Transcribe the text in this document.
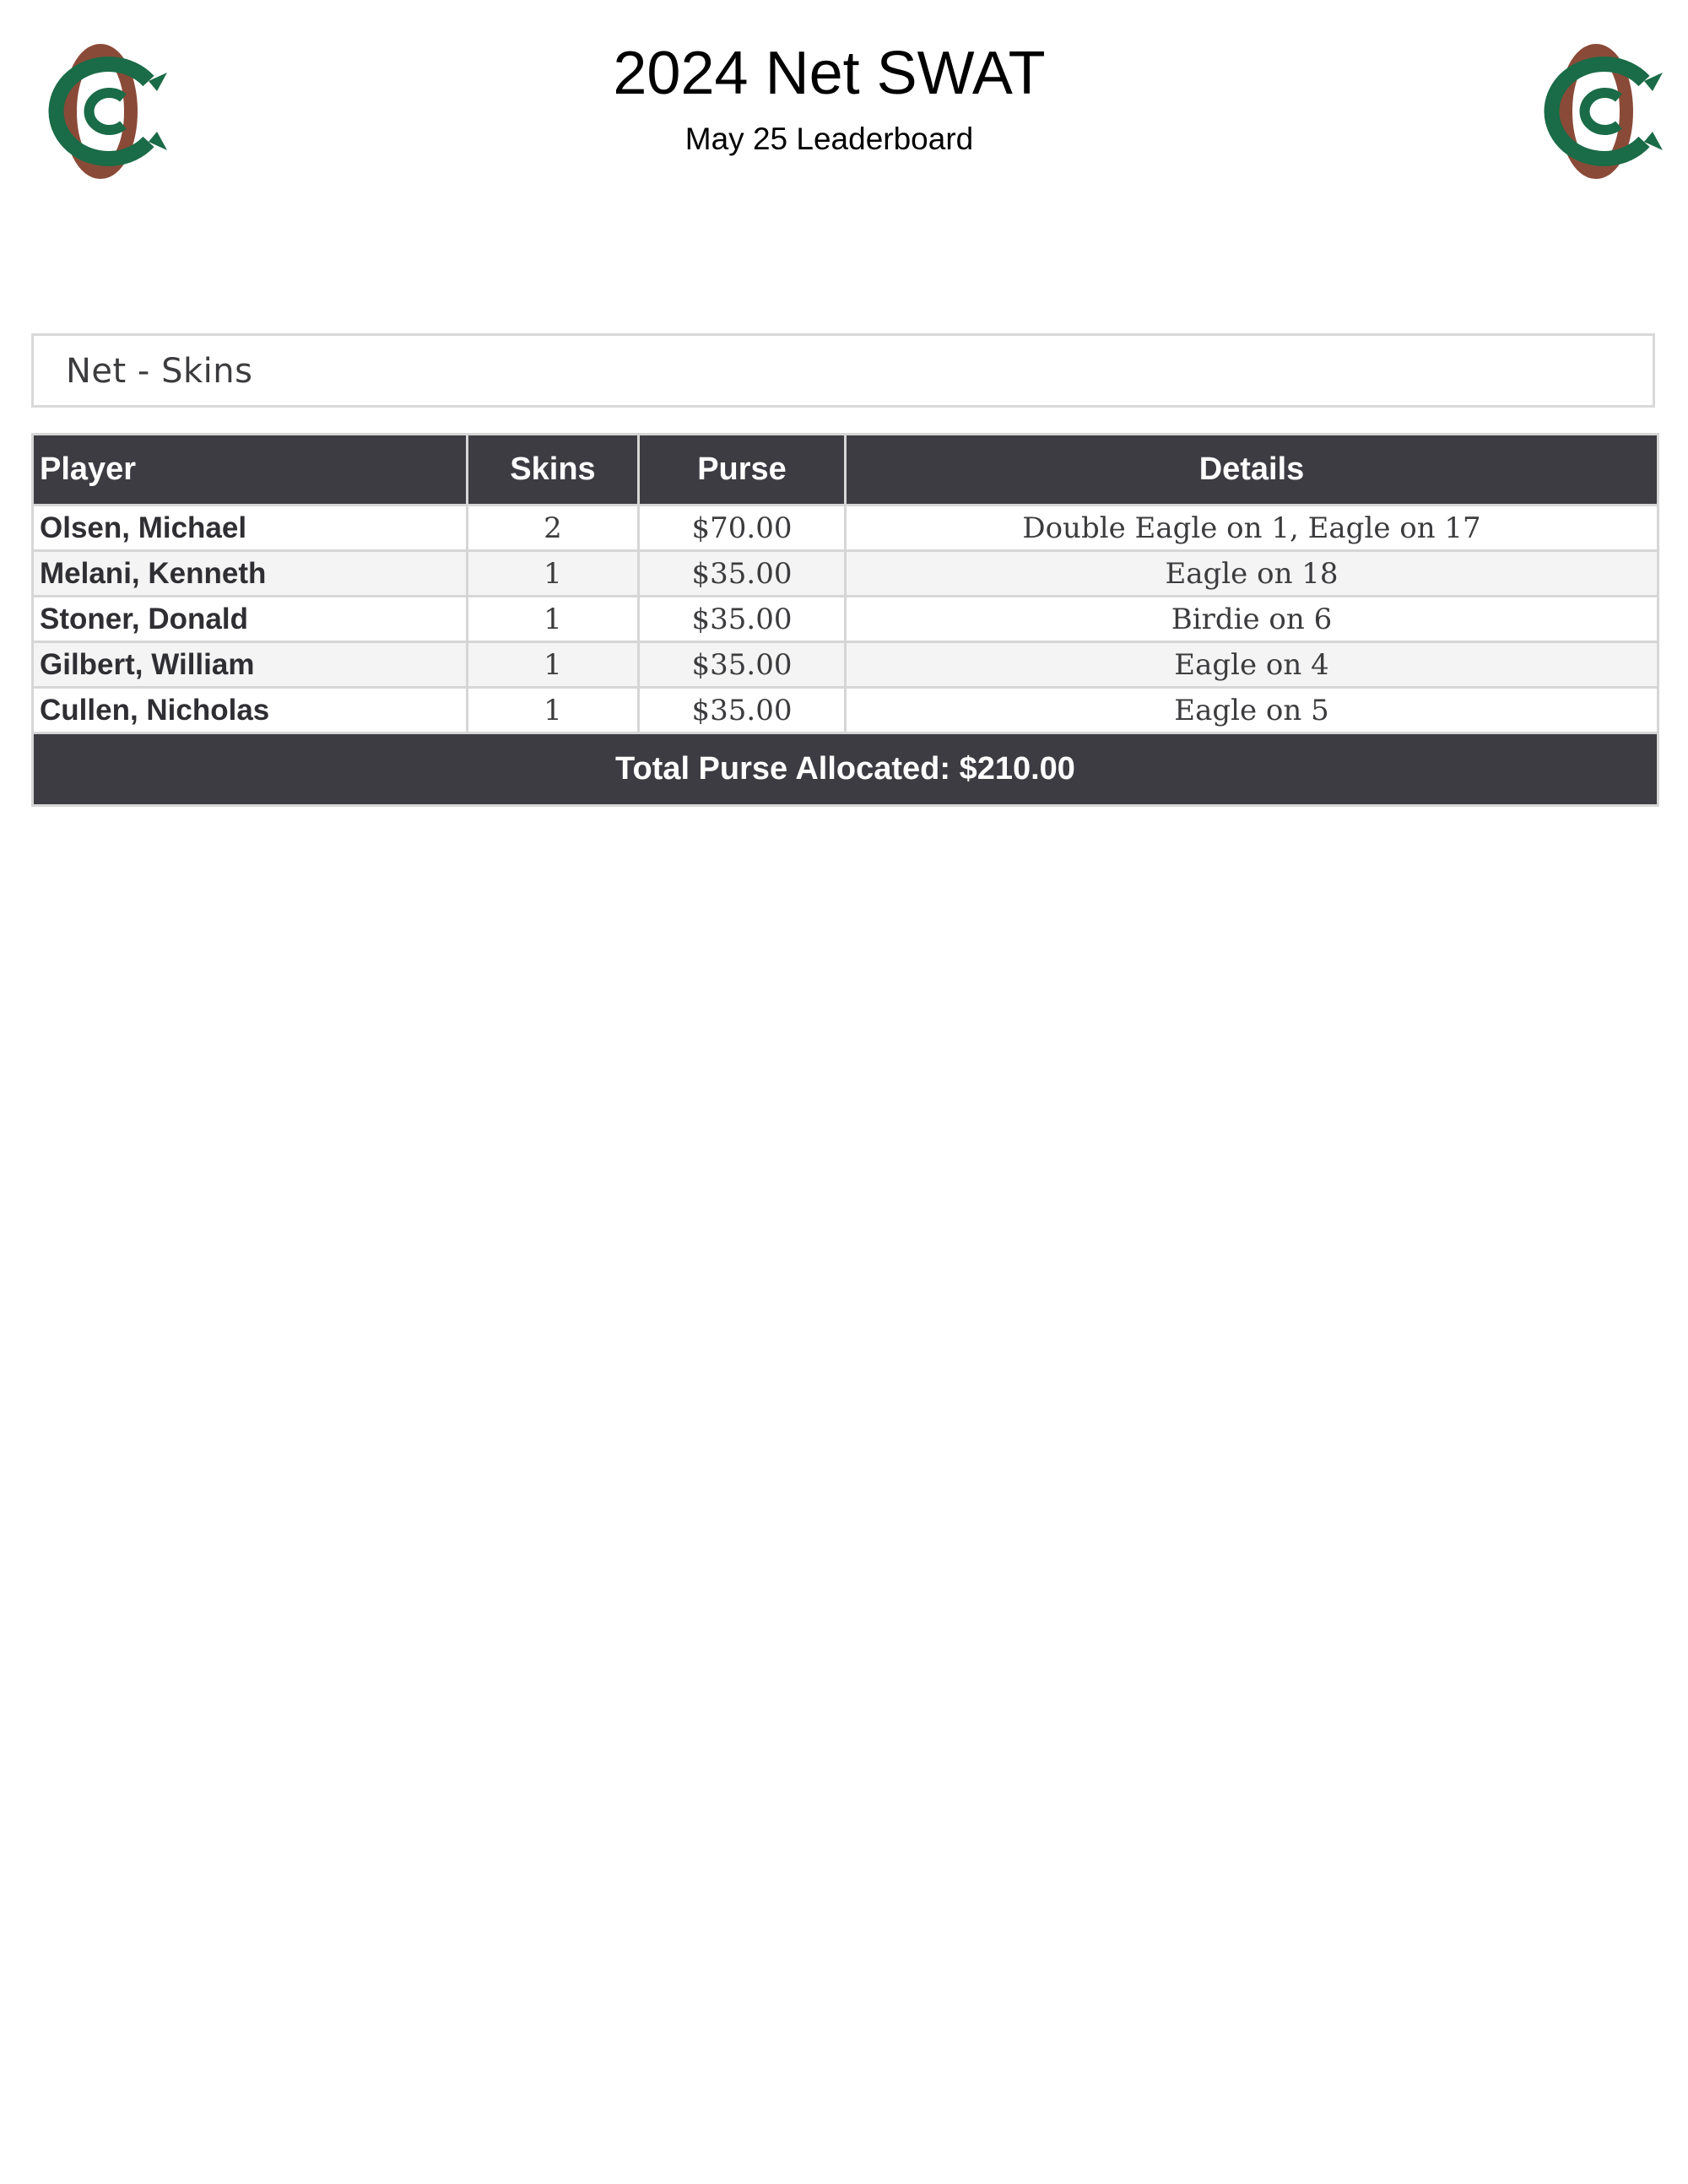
2024 Net SWAT
May 25 Leaderboard
Net - Skins
Player	Skins	Purse	Details
Olsen, Michael	2	$70.00	Double Eagle on 1, Eagle on 17
Melani, Kenneth	1	$35.00	Eagle on 18
Stoner, Donald	1	$35.00	Birdie on 6
Gilbert, William	1	$35.00	Eagle on 4
Cullen, Nicholas	1	$35.00	Eagle on 5
Total Purse Allocated: $210.00			
